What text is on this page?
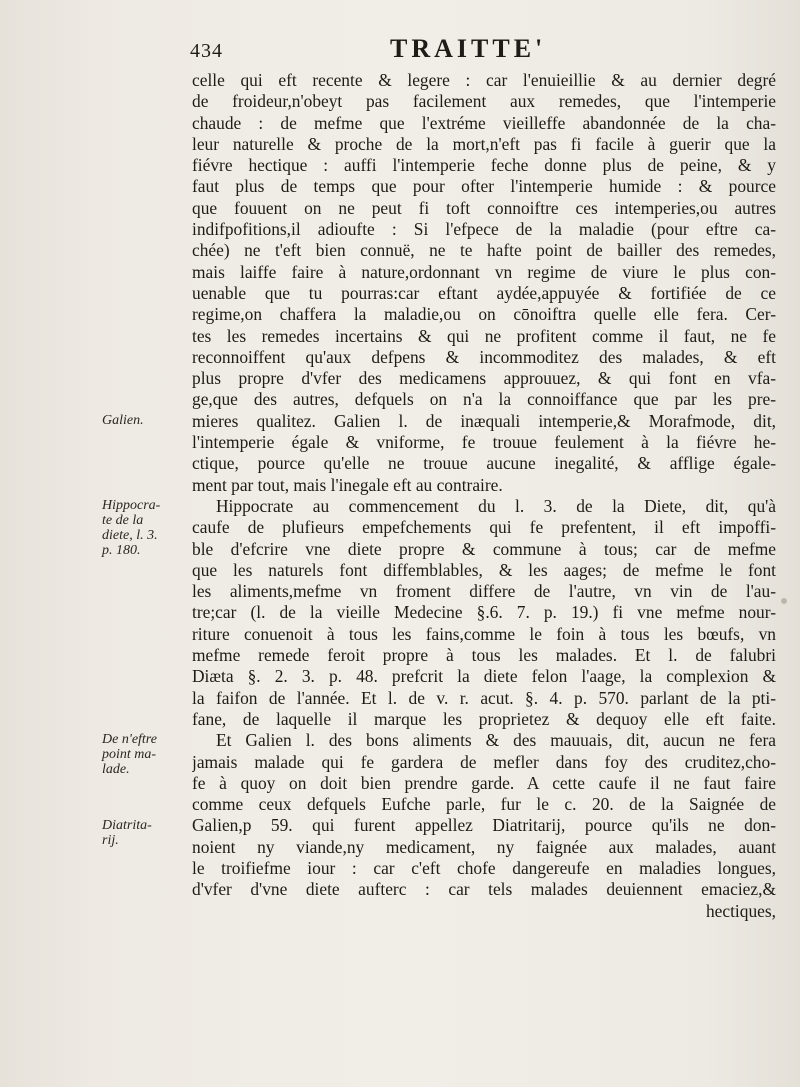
434	TRAITTE'
celle qui eft recente & legere : car l'enuieillie & au dernier degré
de froideur,n'obeyt pas facilement aux remedes, que l'intemperie
chaude : de mefme que l'extréme vieilleffe abandonnée de la cha-
leur naturelle & proche de la mort,n'eft pas fi facile à guerir que la
fiévre hectique : auffi l'intemperie feche donne plus de peine, & y
faut plus de temps que pour ofter l'intemperie humide : & pource
que fouuent on ne peut fi toft connoiftre ces intemperies,ou autres
indifpofitions,il adioufte : Si l'efpece de la maladie (pour eftre ca-
chée) ne t'eft bien connuë, ne te hafte point de bailler des remedes,
mais laiffe faire à nature,ordonnant vn regime de viure le plus con-
uenable que tu pourras:car eftant aydée,appuyée & fortifiée de ce
regime,on chaffera la maladie,ou on cōnoiftra quelle elle fera. Cer-
tes les remedes incertains & qui ne profitent comme il faut, ne fe
reconnoiffent qu'aux defpens & incommoditez des malades, & eft
plus propre d'vfer des medicamens approuuez, & qui font en vfa-
ge,que des autres, defquels on n'a la connoiffance que par les pre-
mieres qualitez. Galien l. de inæquali intemperie,& Morafmode, dit,
l'intemperie égale & vniforme, fe trouue feulement à la fiévre he-
ctique, pource qu'elle ne trouue aucune inegalité, & afflige égale-
ment par tout, mais l'inegale eft au contraire.
Hippocrate au commencement du l. 3. de la Diete, dit, qu'à
caufe de plufieurs empefchements qui fe prefentent, il eft impoffi-
ble d'efcrire vne diete propre & commune à tous; car de mefme
que les naturels font diffemblables, & les aages; de mefme le font
les aliments,mefme vn froment differe de l'autre, vn vin de l'au-
tre;car (l. de la vieille Medecine §.6. 7. p. 19.) fi vne mefme nour-
riture conuenoit à tous les fains,comme le foin à tous les bœufs, vn
mefme remede feroit propre à tous les malades. Et l. de falubri
Diæta §. 2. 3. p. 48. prefcrit la diete felon l'aage, la complexion &
la faifon de l'année. Et l. de v. r. acut. §. 4. p. 570. parlant de la pti-
fane, de laquelle il marque les proprietez & dequoy elle eft faite.
Et Galien l. des bons aliments & des mauuais, dit, aucun ne fera
jamais malade qui fe gardera de mefler dans foy des cruditez,cho-
fe à quoy on doit bien prendre garde. A cette caufe il ne faut faire
comme ceux defquels Eufche parle, fur le c. 20. de la Saignée de
Galien,p 59. qui furent appellez Diatritarij, pource qu'ils ne don-
noient ny viande,ny medicament, ny faignée aux malades, auant
le troifiefme iour : car c'eft chofe dangereufe en maladies longues,
d'vfer d'vne diete aufterc : car tels malades deuiennent emaciez,&
hectiques,
Galien.
Hippocra-
te de la
diete, l. 3.
p. 180.
De n'eftre
point ma-
lade.
Diatrita-
rij.
